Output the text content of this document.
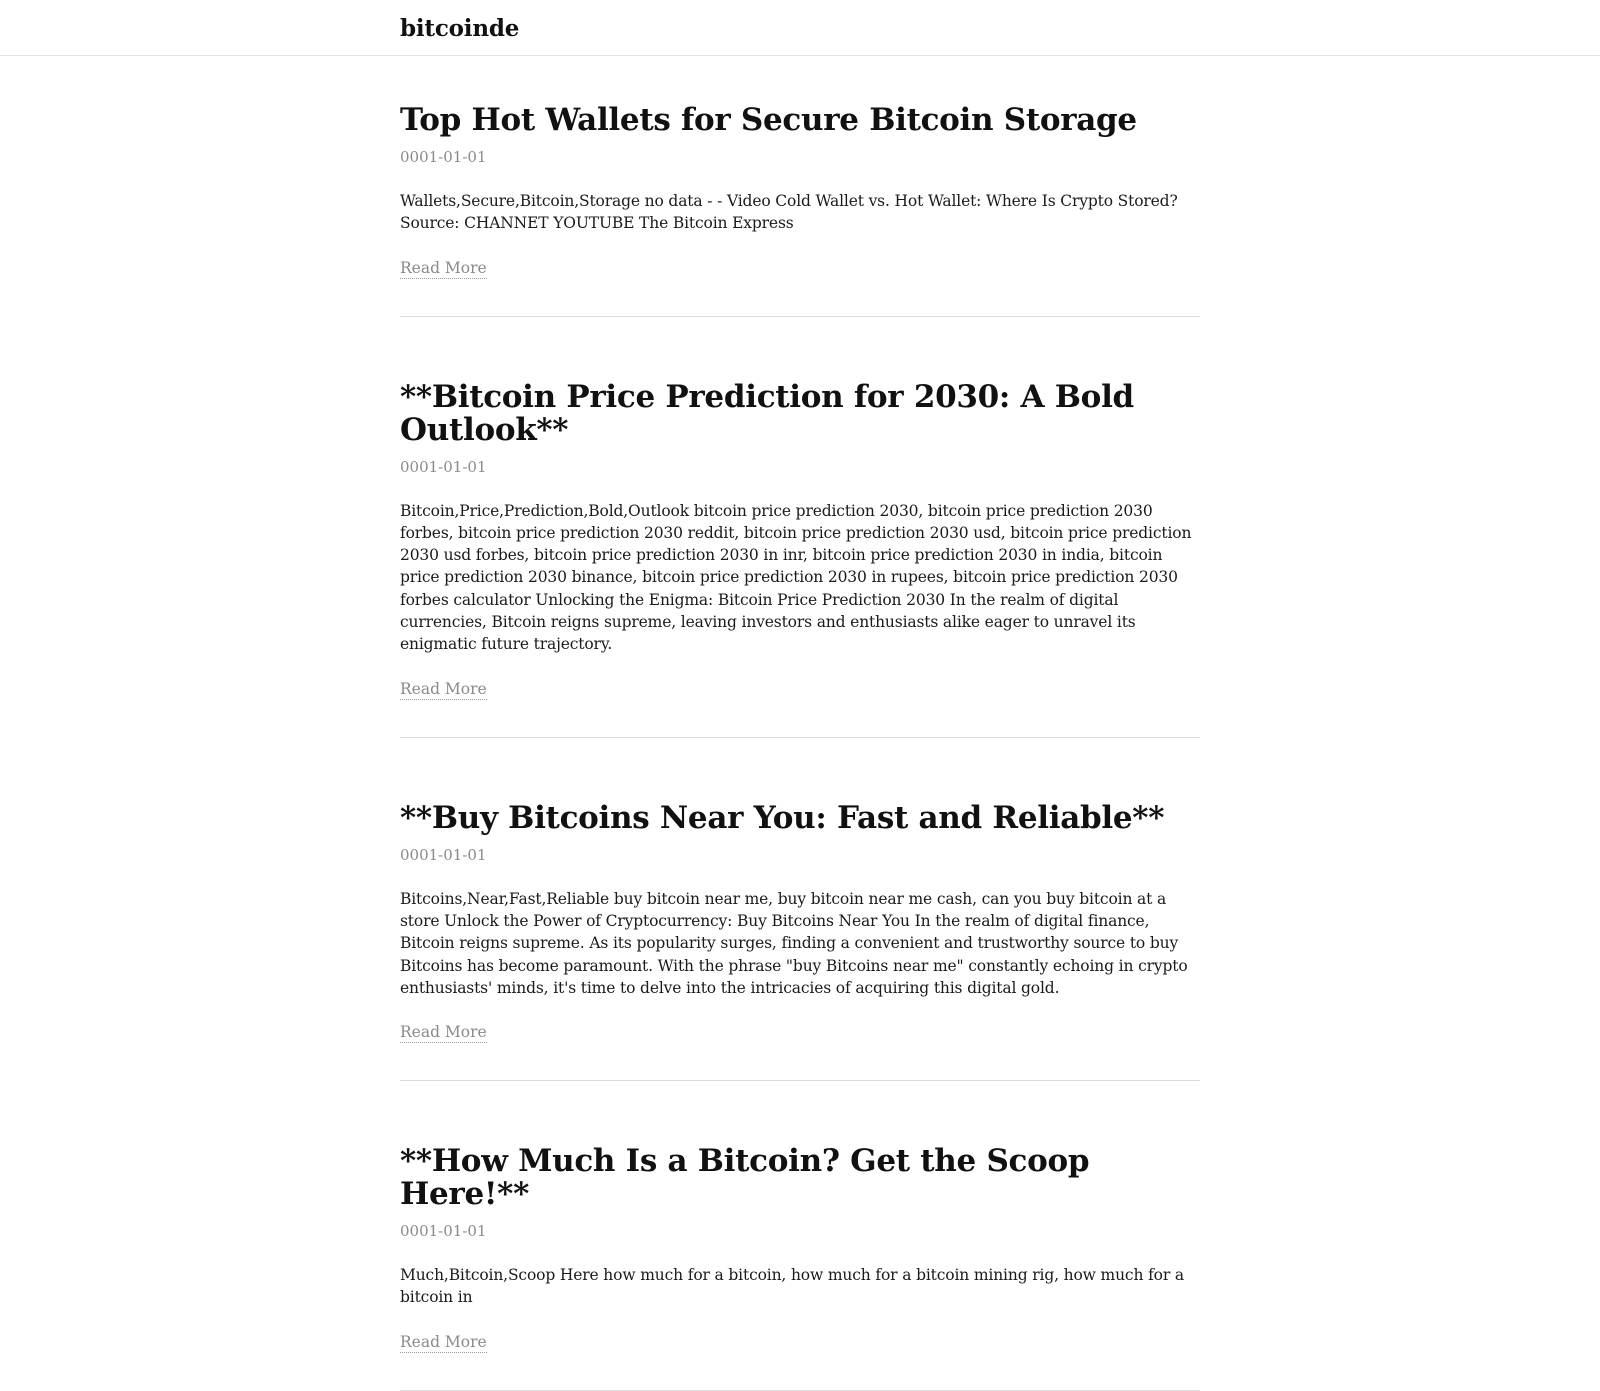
bitcoinde
Top Hot Wallets for Secure Bitcoin Storage
0001-01-01
Wallets,Secure,Bitcoin,Storage no data - - Video Cold Wallet vs. Hot Wallet: Where Is Crypto Stored?Source: CHANNET YOUTUBE The Bitcoin Express
Read More
**Bitcoin Price Prediction for 2030: A Bold Outlook**
0001-01-01
Bitcoin,Price,Prediction,Bold,Outlook bitcoin price prediction 2030, bitcoin price prediction 2030 forbes, bitcoin price prediction 2030 reddit, bitcoin price prediction 2030 usd, bitcoin price prediction 2030 usd forbes, bitcoin price prediction 2030 in inr, bitcoin price prediction 2030 in india, bitcoin price prediction 2030 binance, bitcoin price prediction 2030 in rupees, bitcoin price prediction 2030 forbes calculator Unlocking the Enigma: Bitcoin Price Prediction 2030 In the realm of digital currencies, Bitcoin reigns supreme, leaving investors and enthusiasts alike eager to unravel its enigmatic future trajectory.
Read More
**Buy Bitcoins Near You: Fast and Reliable**
0001-01-01
Bitcoins,Near,Fast,Reliable buy bitcoin near me, buy bitcoin near me cash, can you buy bitcoin at a store Unlock the Power of Cryptocurrency: Buy Bitcoins Near You In the realm of digital finance, Bitcoin reigns supreme. As its popularity surges, finding a convenient and trustworthy source to buy Bitcoins has become paramount. With the phrase "buy Bitcoins near me" constantly echoing in crypto enthusiasts' minds, it's time to delve into the intricacies of acquiring this digital gold.
Read More
**How Much Is a Bitcoin? Get the Scoop Here!**
0001-01-01
Much,Bitcoin,Scoop Here how much for a bitcoin, how much for a bitcoin mining rig, how much for a bitcoin in
Read More
